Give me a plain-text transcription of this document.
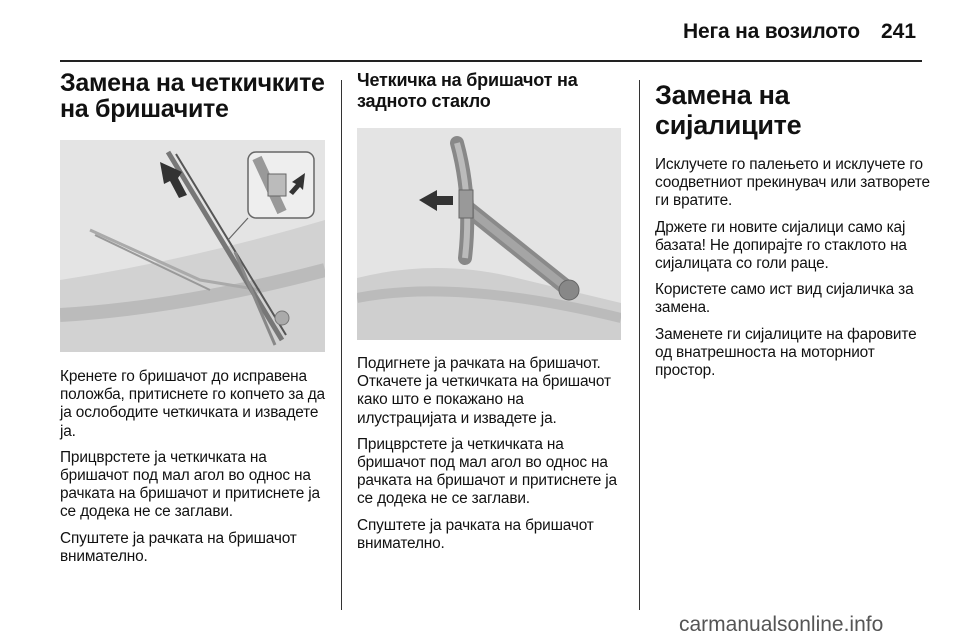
Нега на возилото 241
Замена на четкичките на бришачите

Кренете го бришачот до исправена положба, притиснете го копчето за да ја ослободите четкичката и извадете ја.

Прицврстете ја четкичката на бришачот под мал агол во однос на рачката на бришачот и притиснете ја се додека не се заглави.

Спуштете ја рачката на бришачот внимателно.

Четкичка на бришачот на задното стакло

Подигнете ја рачката на бришачот. Откачете ја четкичката на бришачот како што е покажано на илустрацијата и извадете ја.

Прицврстете ја четкичката на бришачот под мал агол во однос на рачката на бришачот и притиснете ја се додека не се заглави.

Спуштете ја рачката на бришачот внимателно.

Замена на сијалиците

Исклучете го палењето и исклучете го соодветниот прекинувач или затворете ги вратите.

Држете ги новите сијалици само кај базата! Не допирајте го стаклото на сијалицата со голи раце.

Користете само ист вид сијаличка за замена.

Заменете ги сијалиците на фаровите од внатрешноста на моторниот простор.

carmanualsonline.info
